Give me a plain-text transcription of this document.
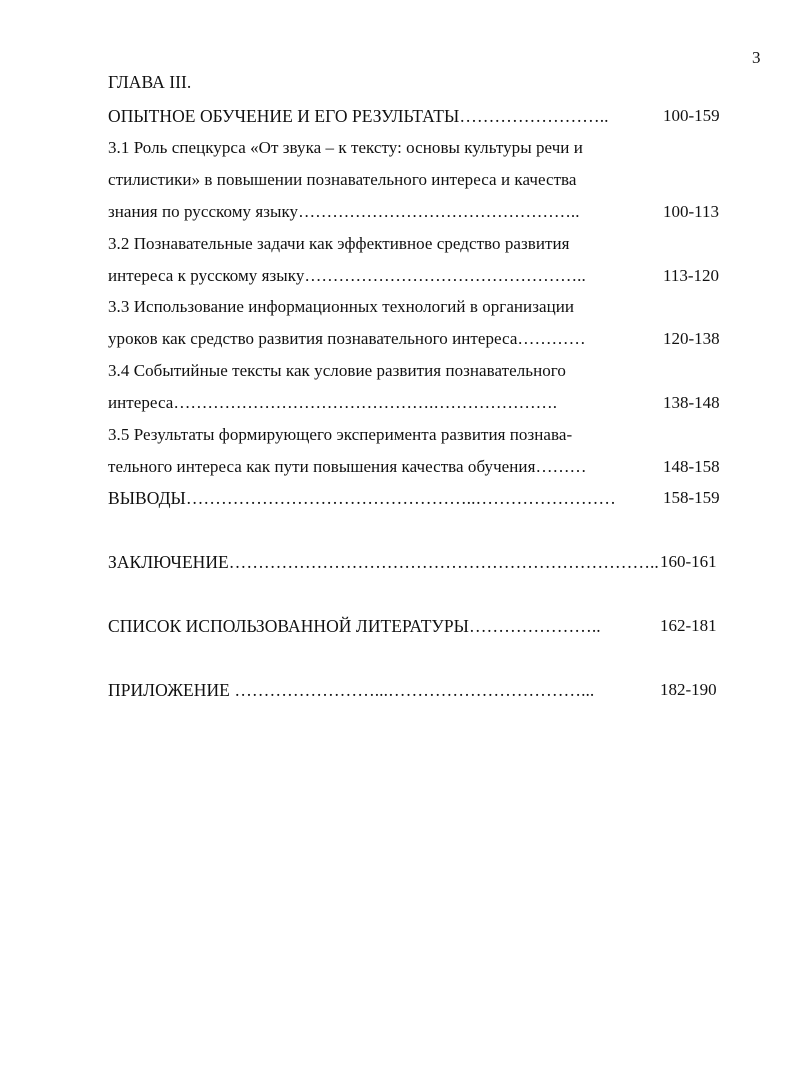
3
ГЛАВА III.
ОПЫТНОЕ ОБУЧЕНИЕ И ЕГО РЕЗУЛЬТАТЫ……………………..	100-159
3.1 Роль спецкурса «От звука – к тексту: основы культуры речи и
стилистики» в повышении познавательного интереса и качества
знания по русскому языку…………………………………………..	100-113
3.2 Познавательные задачи как эффективное средство развития
интереса к русскому языку…………………………………………..	113-120
3.3 Использование информационных технологий в организации
уроков как средство развития познавательного интереса…………	120-138
3.4 Событийные тексты как условие развития познавательного
интереса……………………………………….………………….	138-148
3.5 Результаты формирующего эксперимента развития познава-
тельного интереса как пути повышения качества обучения………	148-158
ВЫВОДЫ…………………………………………..……………………	158-159
ЗАКЛЮЧЕНИЕ……………………………………………………………….. 160-161
СПИСОК ИСПОЛЬЗОВАННОЙ ЛИТЕРАТУРЫ…………………..	162-181
ПРИЛОЖЕНИЕ ……………………...……………………………...	182-190
